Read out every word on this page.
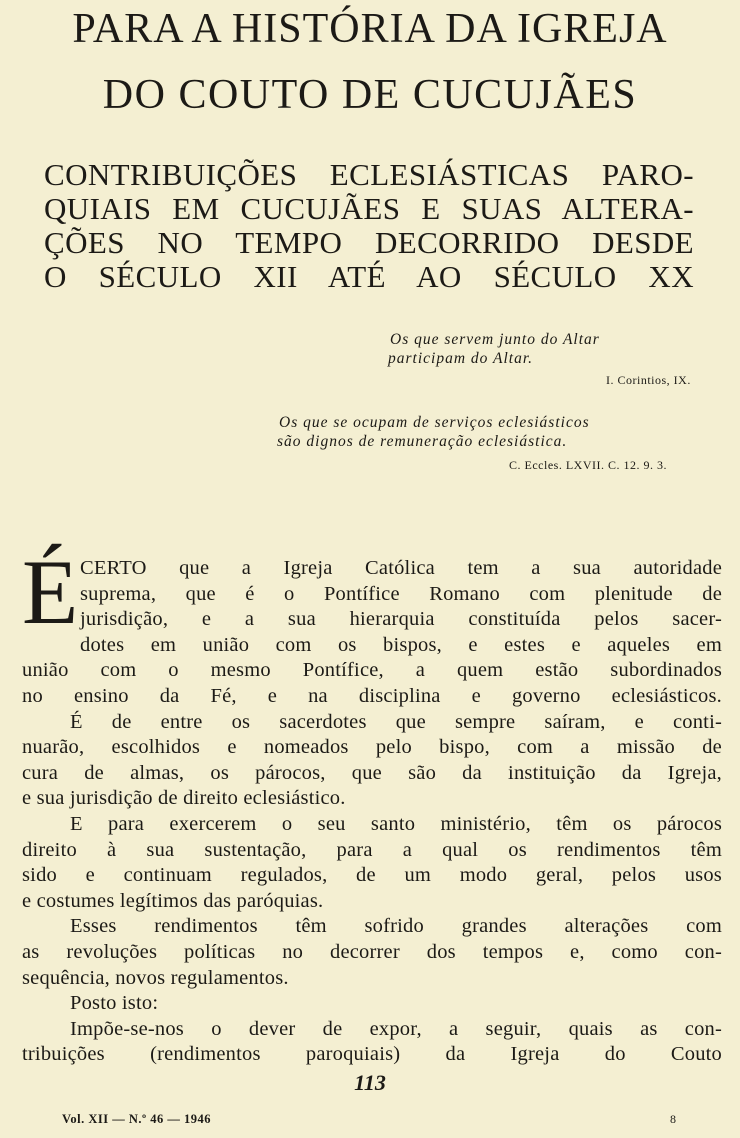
PARA A HISTÓRIA DA IGREJA
DO COUTO DE CUCUJÃES
CONTRIBUIÇÕES ECLESIÁSTICAS PARO-
QUIAIS EM CUCUJÃES E SUAS ALTERA-
ÇÕES NO TEMPO DECORRIDO DESDE
O SÉCULO XII ATÉ AO SÉCULO XX
Os que servem junto do Altar
participam do Altar.
I. Corintios, IX.
Os que se ocupam de serviços eclesiásticos
são dignos de remuneração eclesiástica.
C. Eccles. LXVII. C. 12. 9. 3.
É CERTO que a Igreja Católica tem a sua autoridade
suprema, que é o Pontífice Romano com plenitude de
jurisdição, e a sua hierarquia constituída pelos sacer-
dotes em união com os bispos, e estes e aqueles em
união com o mesmo Pontífice, a quem estão subordinados
no ensino da Fé, e na disciplina e governo eclesiásticos.
É de entre os sacerdotes que sempre saíram, e conti-
nuarão, escolhidos e nomeados pelo bispo, com a missão de
cura de almas, os párocos, que são da instituição da Igreja,
e sua jurisdição de direito eclesiástico.
E para exercerem o seu santo ministério, têm os párocos
direito à sua sustentação, para a qual os rendimentos têm
sido e continuam regulados, de um modo geral, pelos usos
e costumes legítimos das paróquias.
Esses rendimentos têm sofrido grandes alterações com
as revoluções políticas no decorrer dos tempos e, como con-
sequência, novos regulamentos.
Posto isto:
Impõe-se-nos o dever de expor, a seguir, quais as con-
tribuições (rendimentos paroquiais) da Igreja do Couto
113
Vol. XII — N.º 46 — 1946	8
